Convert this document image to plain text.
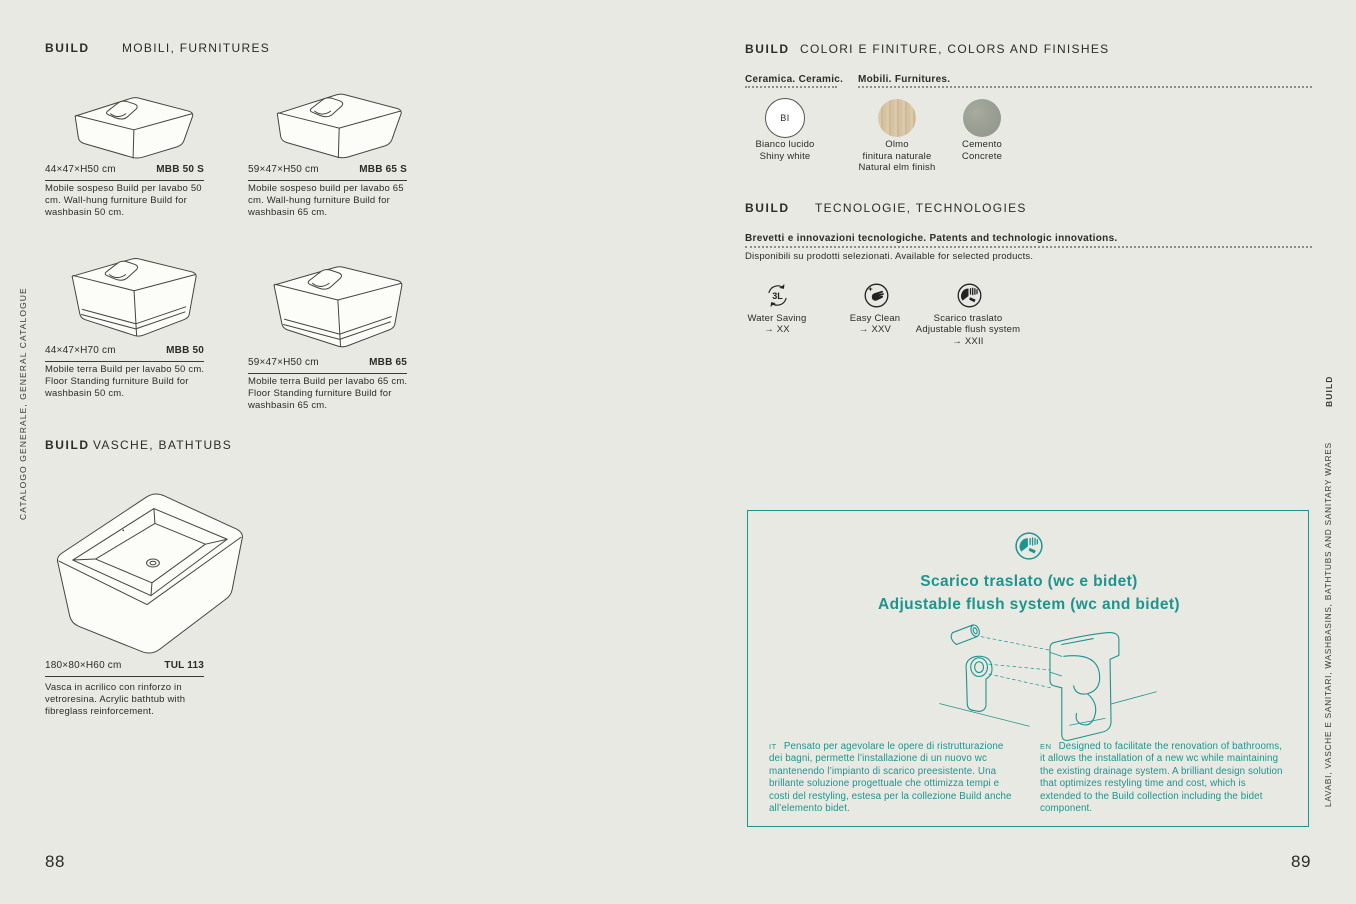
CATALOGO GENERALE, GENERAL CATALOGUE
BUILD	MOBILI, FURNITURES
44×47×H50 cm	MBB 50 S
Mobile sospeso Build per lavabo 50 cm. Wall-hung furniture Build for washbasin 50 cm.
59×47×H50 cm	MBB 65 S
Mobile sospeso build per lavabo 65 cm. Wall-hung furniture Build for washbasin 65 cm.
44×47×H70 cm	MBB 50
Mobile terra Build per lavabo 50 cm. Floor Standing furniture Build for washbasin 50 cm.
59×47×H50 cm	MBB 65
Mobile terra Build per lavabo 65 cm. Floor Standing furniture Build for washbasin 65 cm.
BUILD VASCHE, BATHTUBS
180×80×H60 cm	TUL 113
Vasca in acrilico con rinforzo in vetroresina. Acrylic bathtub with fibreglass reinforcement.
88
BUILD COLORI E FINITURE, COLORS AND FINISHES
Ceramica. Ceramic. Mobili. Furnitures.
BI
Bianco lucido
Shiny white
Olmo
finitura naturale
Natural elm finish
Cemento
Concrete
BUILD TECNOLOGIE, TECHNOLOGIES
Brevetti e innovazioni tecnologiche. Patents and technologic innovations.
Disponibili su prodotti selezionati. Available for selected products.
3L
Water Saving
→ XX
Easy Clean
→ XXV
Scarico traslato
Adjustable flush system
→ XXII
Scarico traslato (wc e bidet)
Adjustable flush system (wc and bidet)
IT Pensato per agevolare le opere di ristrutturazione dei bagni, permette l’installazione di un nuovo wc mantenendo l’impianto di scarico preesistente. Una brillante soluzione progettuale che ottimizza tempi e costi del restyling, estesa per la collezione Build anche all’elemento bidet.
EN Designed to facilitate the renovation of bathrooms, it allows the installation of a new wc while maintaining the existing drainage system. A brilliant design solution that optimizes restyling time and cost, which is extended to the Build collection including the bidet component.
BUILD
LAVABI, VASCHE E SANITARI, WASHBASINS, BATHTUBS AND SANITARY WARES
89
